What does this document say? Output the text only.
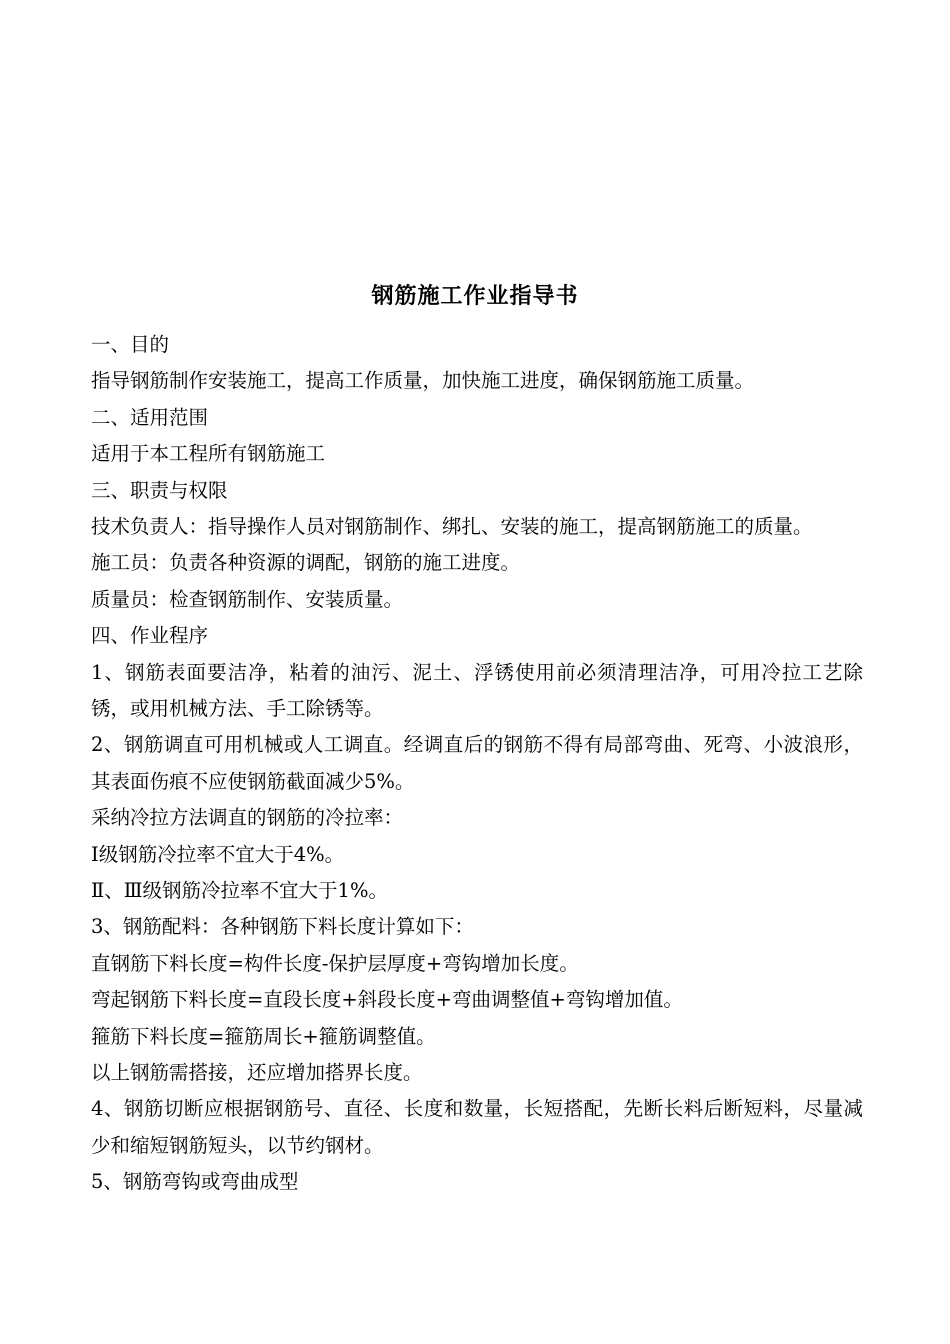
钢筋施工作业指导书
一、目的
指导钢筋制作安装施工，提高工作质量，加快施工进度，确保钢筋施工质量。
二、适用范围
适用于本工程所有钢筋施工
三、职责与权限
技术负责人：指导操作人员对钢筋制作、绑扎、安装的施工，提高钢筋施工的质量。
施工员：负责各种资源的调配，钢筋的施工进度。
质量员：检查钢筋制作、安装质量。
四、作业程序
1、钢筋表面要洁净，粘着的油污、泥土、浮锈使用前必须清理洁净，可用冷拉工艺除锈，或用机械方法、手工除锈等。
2、钢筋调直可用机械或人工调直。经调直后的钢筋不得有局部弯曲、死弯、小波浪形，其表面伤痕不应使钢筋截面减少5%。
采纳冷拉方法调直的钢筋的冷拉率：
Ⅰ级钢筋冷拉率不宜大于4%。
Ⅱ、Ⅲ级钢筋冷拉率不宜大于1%。
3、钢筋配料：各种钢筋下料长度计算如下：
直钢筋下料长度=构件长度-保护层厚度+弯钩增加长度。
弯起钢筋下料长度=直段长度+斜段长度+弯曲调整值+弯钩增加值。
箍筋下料长度=箍筋周长+箍筋调整值。
以上钢筋需搭接，还应增加搭界长度。
4、钢筋切断应根据钢筋号、直径、长度和数量，长短搭配，先断长料后断短料，尽量减少和缩短钢筋短头，以节约钢材。
5、钢筋弯钩或弯曲成型
